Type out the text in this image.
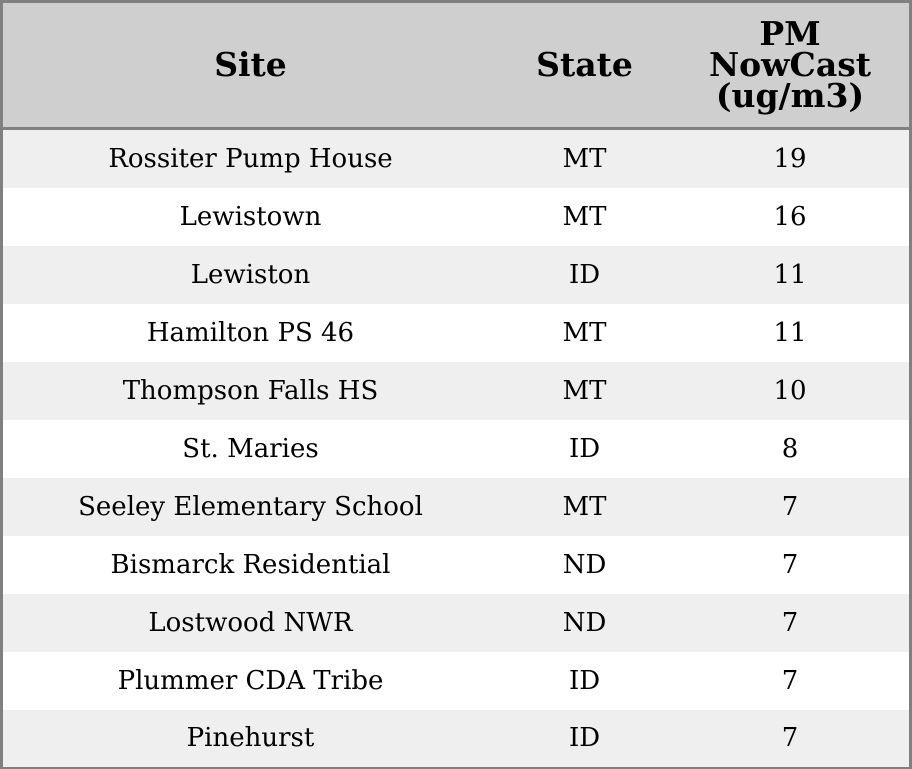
Site	State	PM
NowCast
(ug/m3)

Rossiter Pump House	MT	19
Lewistown	MT	16
Lewiston	ID	11
Hamilton PS 46	MT	11
Thompson Falls HS	MT	10
St. Maries	ID	8
Seeley Elementary School	MT	7
Bismarck Residential	ND	7
Lostwood NWR	ND	7
Plummer CDA Tribe	ID	7
Pinehurst	ID	7
